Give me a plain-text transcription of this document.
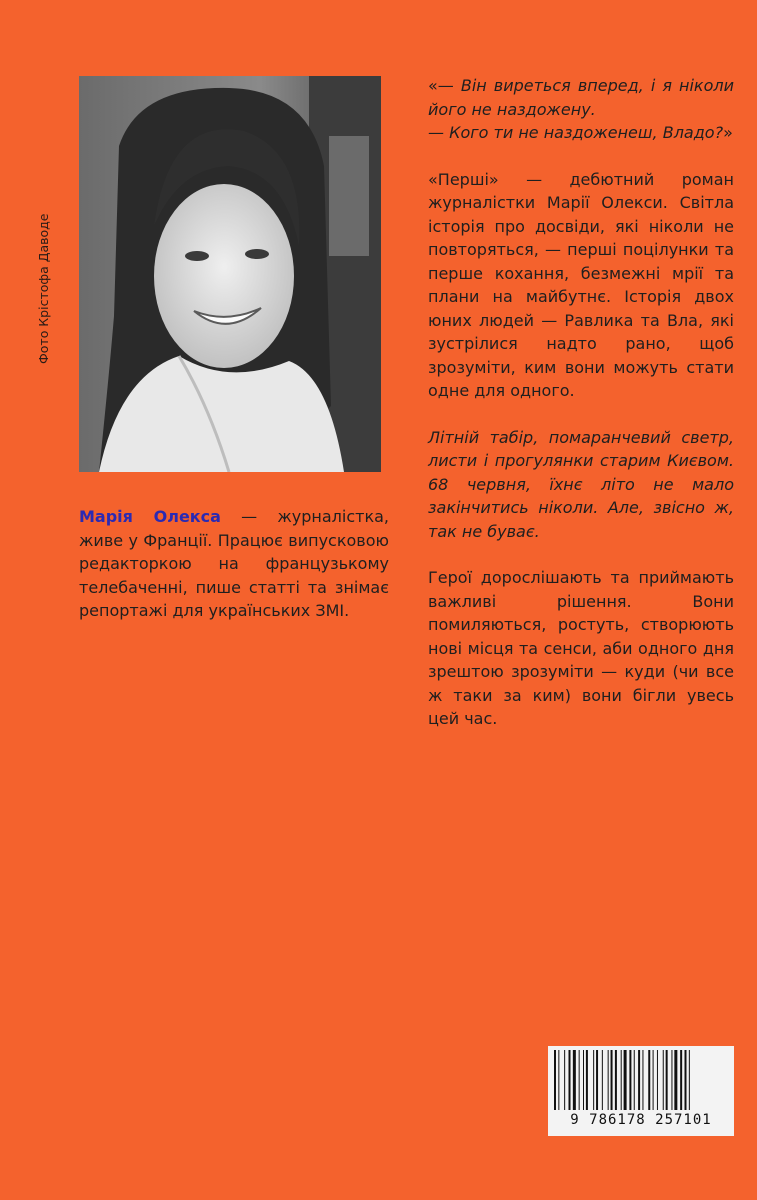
Фото Крістофа Даводе
Марія Олекса — журналістка, живе у Франції. Працює випусковою редакторкою на французькому телебаченні, пише статті та знімає репортажі для українських ЗМІ.

«— Він виреться вперед, і я ніколи його не наздожену.
— Кого ти не наздоженеш, Владо?»

«Перші» — дебютний роман журналістки Марії Олекси. Світла історія про досвіди, які ніколи не повторяться, — перші поцілунки та перше кохання, безмежні мрії та плани на майбутнє. Історія двох юних людей — Равлика та Вла, які зустрілися надто рано, щоб зрозуміти, ким вони можуть стати одне для одного.

Літній табір, помаранчевий светр, листи і прогулянки старим Києвом. 68 червня, їхнє літо не мало закінчитись ніколи. Але, звісно ж, так не буває.

Герої дорослішають та приймають важливі рішення. Вони помиляються, ростуть, створюють нові місця та сенси, аби одного дня зрештою зрозуміти — куди (чи все ж таки за ким) вони бігли увесь цей час.

9 786178 257101
